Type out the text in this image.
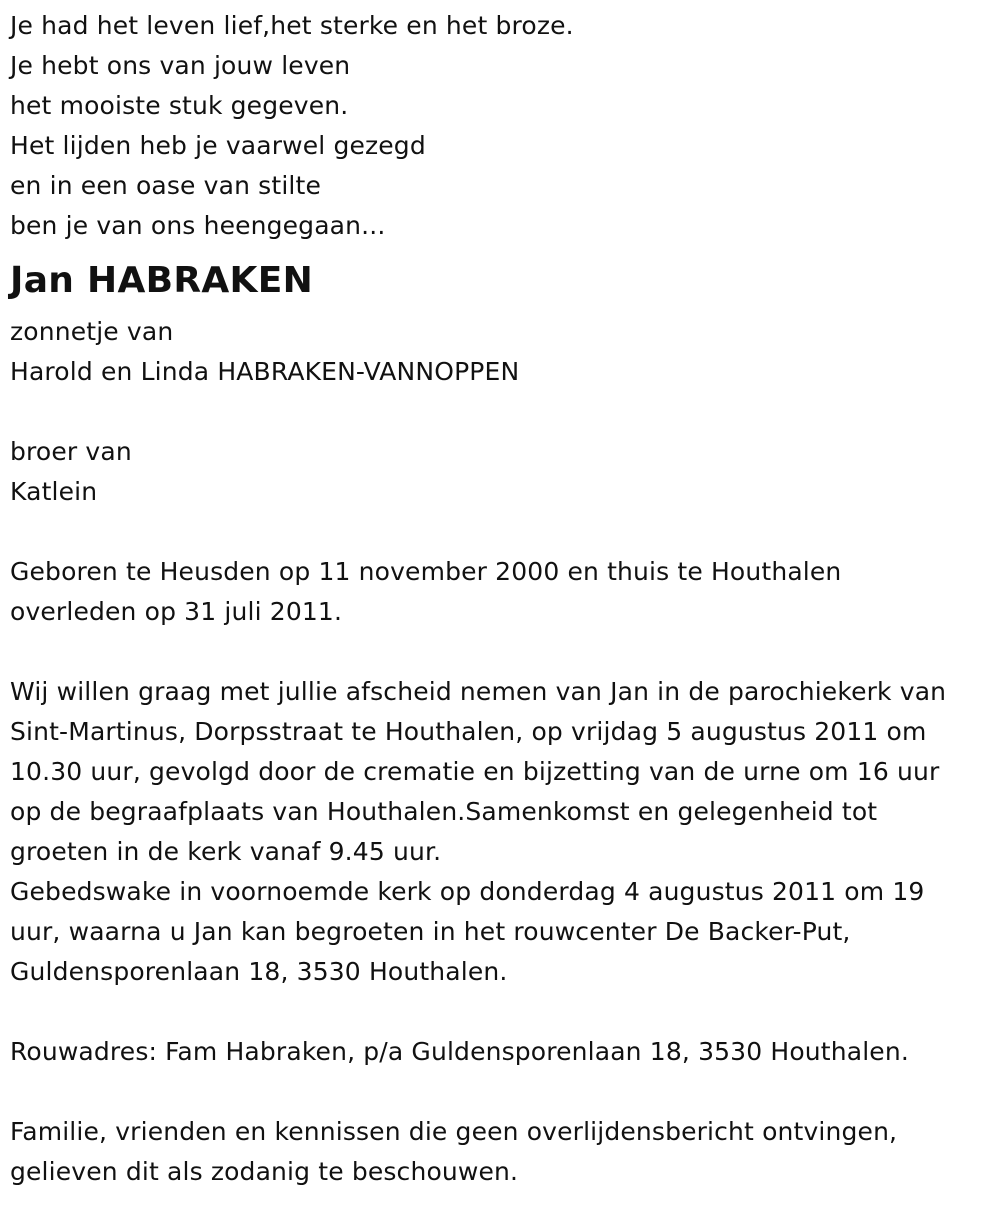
Je had het leven lief,het sterke en het broze.
Je hebt ons van jouw leven
het mooiste stuk gegeven.
Het lijden heb je vaarwel gezegd
en in een oase van stilte
ben je van ons heengegaan...
Jan HABRAKEN
zonnetje van
Harold en Linda HABRAKEN-VANNOPPEN
broer van
Katlein
Geboren te Heusden op 11 november 2000 en thuis te Houthalen
overleden op 31 juli 2011.
Wij willen graag met jullie afscheid nemen van Jan in de parochiekerk van
Sint-Martinus, Dorpsstraat te Houthalen, op vrijdag 5 augustus 2011 om
10.30 uur, gevolgd door de crematie en bijzetting van de urne om 16 uur
op de begraafplaats van Houthalen.Samenkomst en gelegenheid tot
groeten in de kerk vanaf 9.45 uur.
Gebedswake in voornoemde kerk op donderdag 4 augustus 2011 om 19
uur, waarna u Jan kan begroeten in het rouwcenter De Backer-Put,
Guldensporenlaan 18, 3530 Houthalen.
Rouwadres: Fam Habraken, p/a Guldensporenlaan 18, 3530 Houthalen.
Familie, vrienden en kennissen die geen overlijdensbericht ontvingen,
gelieven dit als zodanig te beschouwen.
